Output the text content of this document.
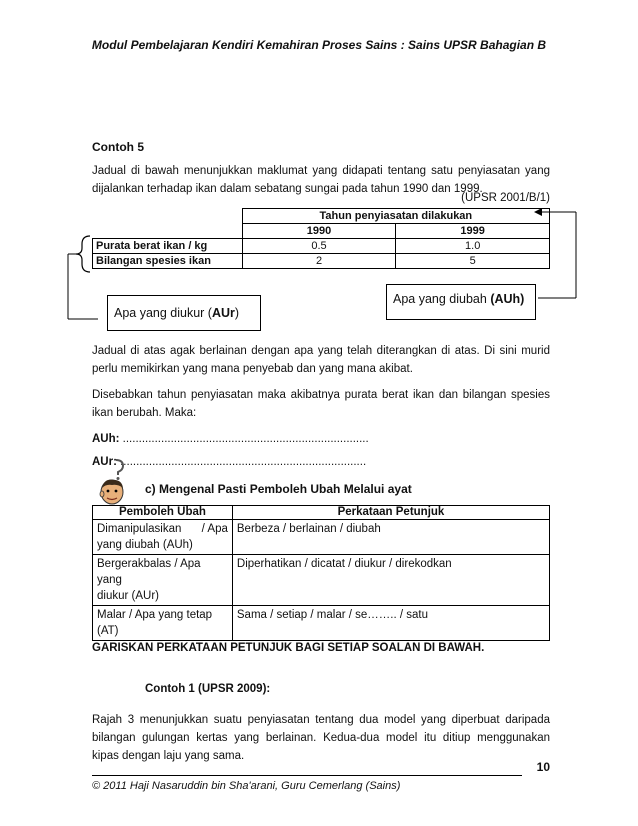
Modul Pembelajaran Kendiri Kemahiran Proses Sains : Sains UPSR Bahagian B
Contoh 5
Jadual di bawah menunjukkan maklumat yang didapati tentang satu penyiasatan yang
dijalankan terhadap ikan dalam sebatang sungai pada tahun 1990 dan 1999.
(UPSR 2001/B/1)
	Tahun penyiasatan dilakukan	
	1990	1999
Purata berat ikan / kg	0.5	1.0
Bilangan spesies ikan	2	5
Apa yang diukur (AUr)
Apa yang diubah (AUh)
Jadual di atas agak berlainan dengan apa yang telah diterangkan di atas. Di sini murid
perlu memikirkan yang mana penyebab dan yang mana akibat.
Disebabkan tahun penyiasatan maka akibatnya purata berat ikan dan bilangan spesies
ikan berubah. Maka:
AUh: .............................................................................
AUr: .............................................................................
c) Mengenal Pasti Pemboleh Ubah Melalui ayat
Pemboleh Ubah	Perkataan Petunjuk

Dimanipulasikan / Apa
yang diubah (AUh)	Berbeza / berlainan / diubah

Bergerakbalas / Apa yang
diukur (AUr)	Diperhatikan / dicatat / diukur / direkodkan

Malar / Apa yang tetap
(AT)	Sama / setiap / malar / se…….. / satu
GARISKAN PERKATAAN PETUNJUK BAGI SETIAP SOALAN DI BAWAH.
Contoh 1 (UPSR 2009):
Rajah 3 menunjukkan suatu penyiasatan tentang dua model yang diperbuat daripada
bilangan gulungan kertas yang berlainan. Kedua-dua model itu ditiup menggunakan
kipas dengan laju yang sama.
10
© 2011 Haji Nasaruddin bin Sha'arani, Guru Cemerlang (Sains)
